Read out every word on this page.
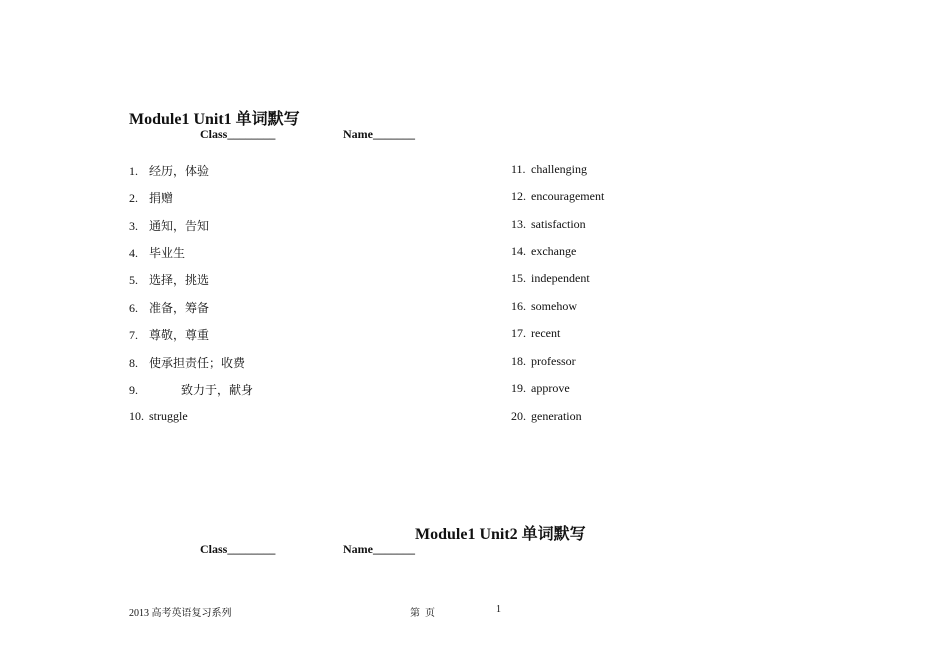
Module1 Unit1 单词默写
Class________	Name_______
1. 经历，体验
2. 捐赠
3. 通知，告知
4. 毕业生
5. 选择，挑选
6. 准备，筹备
7. 尊敬，尊重
8. 使承担责任；收费
9.	致力于，献身
10. struggle
11. challenging
12. encouragement
13. satisfaction
14. exchange
15. independent
16. somehow
17. recent
18. professor
19. approve
20. generation
Module1 Unit2 单词默写
Class________	Name_______
2013 高考英语复习系列	第  页	1
